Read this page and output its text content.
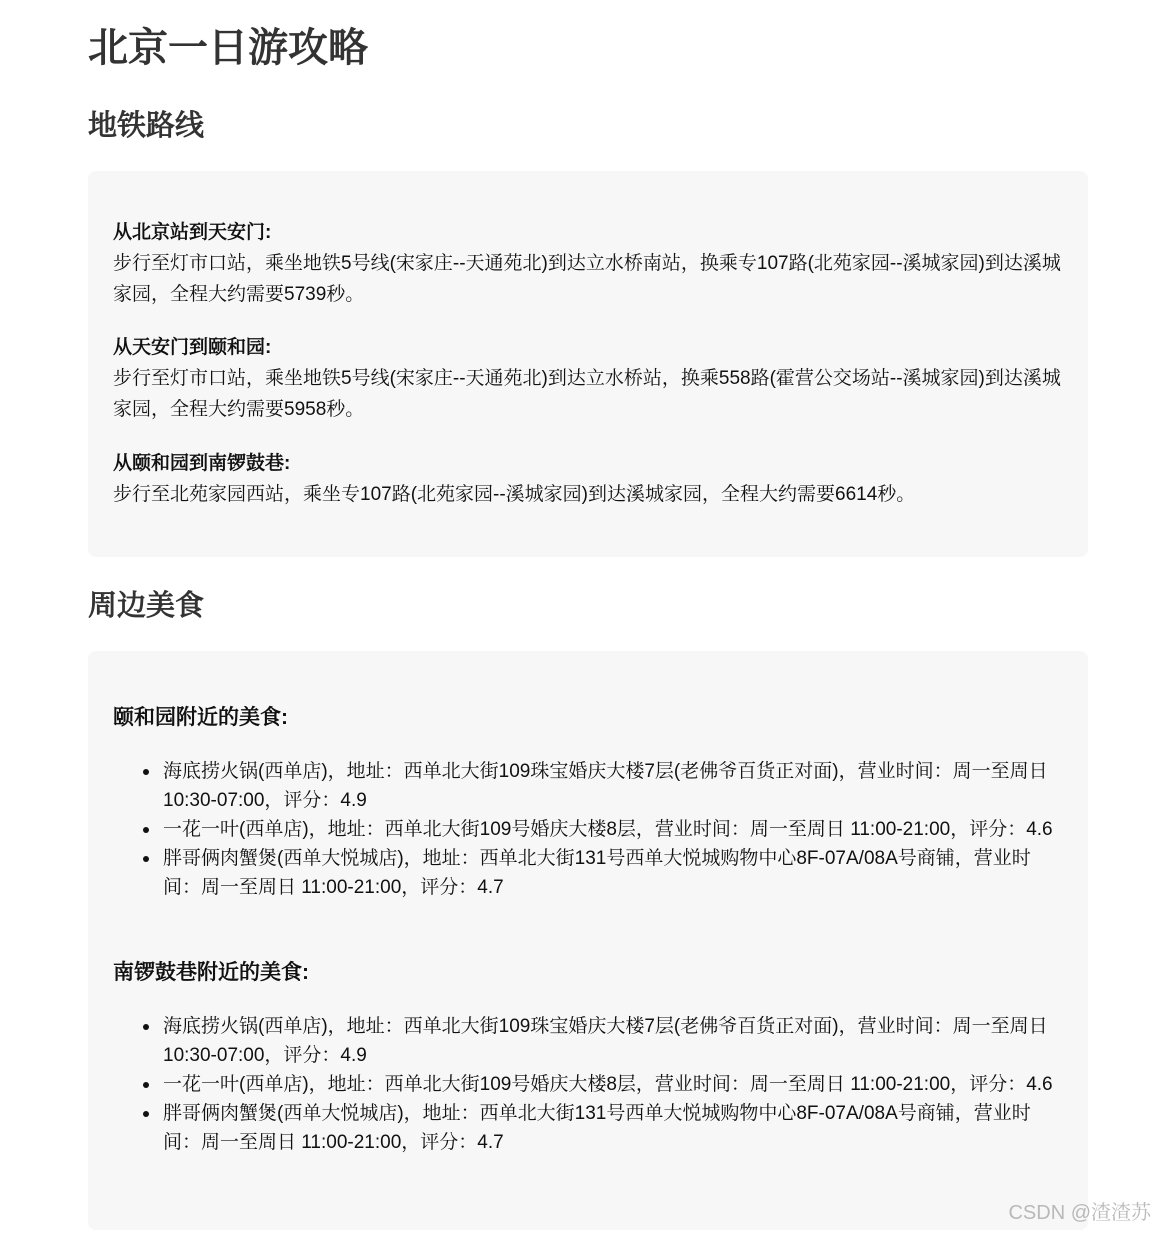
北京一日游攻略
地铁路线
从北京站到天安门:
步行至灯市口站，乘坐地铁5号线(宋家庄--天通苑北)到达立水桥南站，换乘专107路(北苑家园--溪城家园)到达溪城家园，全程大约需要5739秒。
从天安门到颐和园:
步行至灯市口站，乘坐地铁5号线(宋家庄--天通苑北)到达立水桥站，换乘558路(霍营公交场站--溪城家园)到达溪城家园，全程大约需要5958秒。
从颐和园到南锣鼓巷:
步行至北苑家园西站，乘坐专107路(北苑家园--溪城家园)到达溪城家园，全程大约需要6614秒。
周边美食
颐和园附近的美食:
海底捞火锅(西单店)，地址：西单北大街109珠宝婚庆大楼7层(老佛爷百货正对面)，营业时间：周一至周日 10:30-07:00，评分：4.9
一花一叶(西单店)，地址：西单北大街109号婚庆大楼8层，营业时间：周一至周日 11:00-21:00，评分：4.6
胖哥俩肉蟹煲(西单大悦城店)，地址：西单北大街131号西单大悦城购物中心8F-07A/08A号商铺，营业时间：周一至周日 11:00-21:00，评分：4.7
南锣鼓巷附近的美食:
海底捞火锅(西单店)，地址：西单北大街109珠宝婚庆大楼7层(老佛爷百货正对面)，营业时间：周一至周日 10:30-07:00，评分：4.9
一花一叶(西单店)，地址：西单北大街109号婚庆大楼8层，营业时间：周一至周日 11:00-21:00，评分：4.6
胖哥俩肉蟹煲(西单大悦城店)，地址：西单北大街131号西单大悦城购物中心8F-07A/08A号商铺，营业时间：周一至周日 11:00-21:00，评分：4.7
CSDN @渣渣苏
